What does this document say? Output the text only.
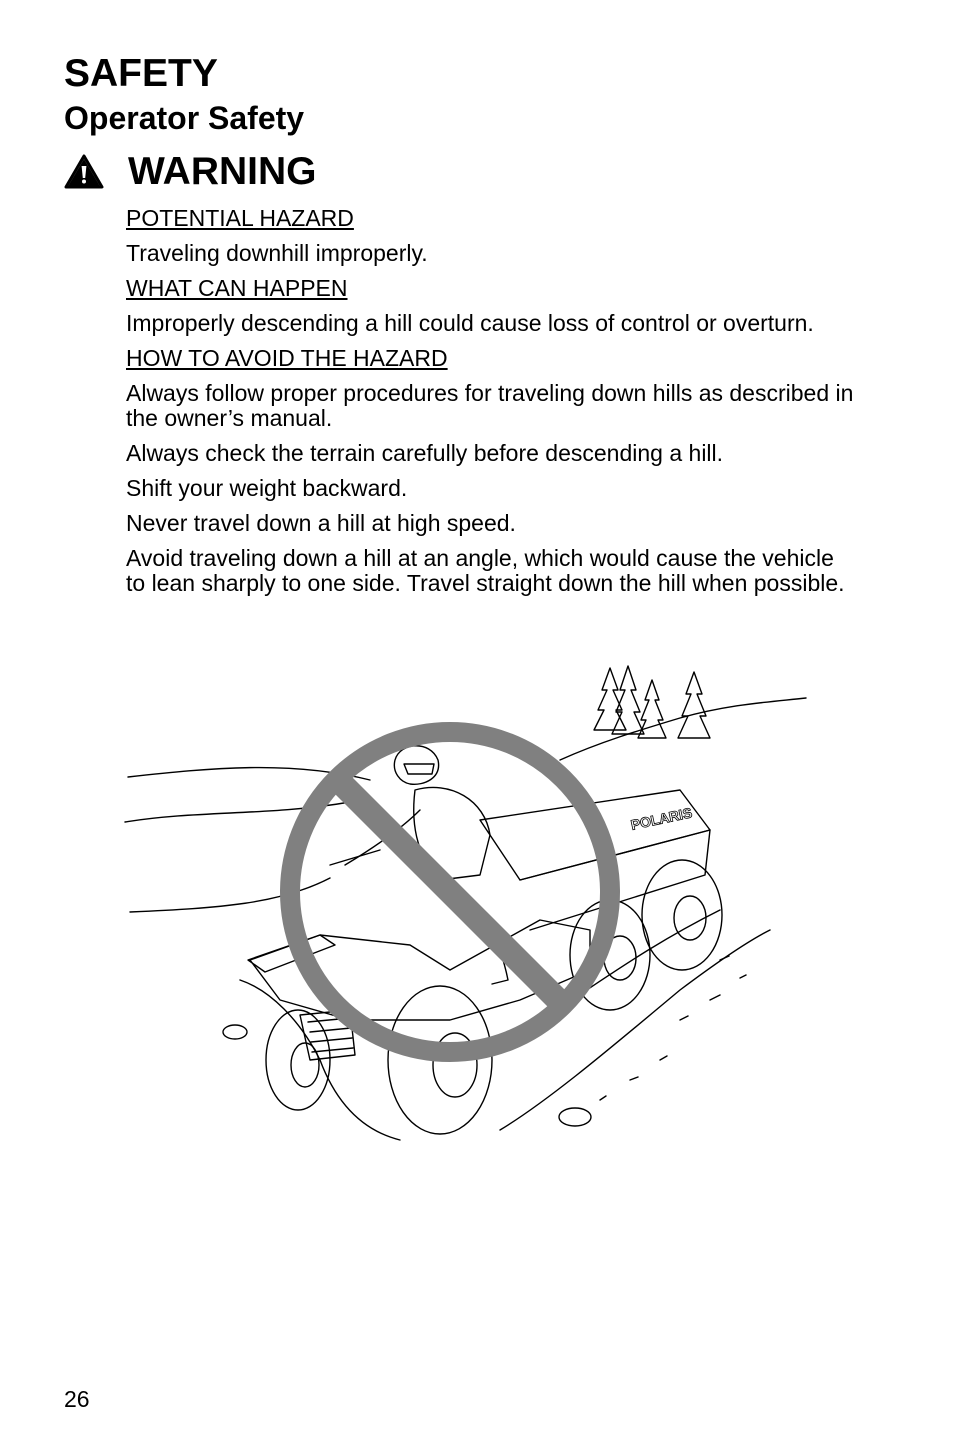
SAFETY
Operator Safety
WARNING

POTENTIAL HAZARD

Traveling downhill improperly.

WHAT CAN HAPPEN

Improperly descending a hill could cause loss of control or overturn.

HOW TO AVOID THE HAZARD

Always follow proper procedures for traveling down hills as described in the owner’s manual.

Always check the terrain carefully before descending a hill.

Shift your weight backward.

Never travel down a hill at high speed.

Avoid traveling down a hill at an angle, which would cause the vehicle to lean sharply to one side. Travel straight down the hill when possible.

POLARIS
26
